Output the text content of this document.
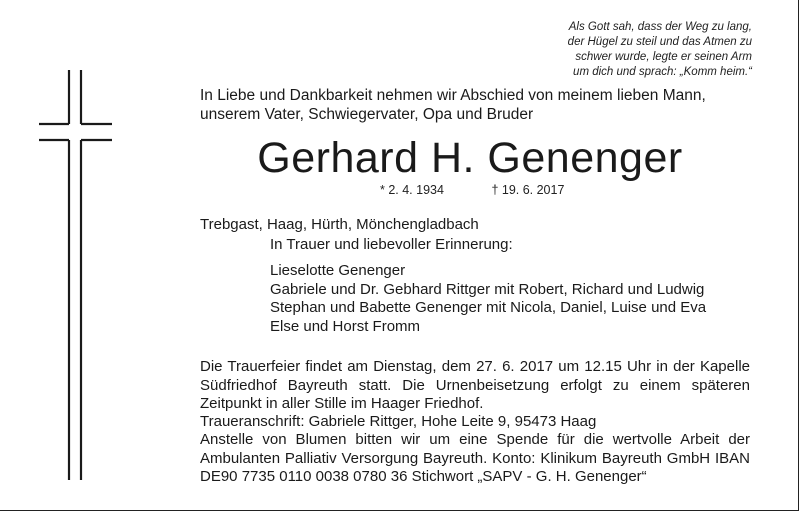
Als Gott sah, dass der Weg zu lang,
der Hügel zu steil und das Atmen zu
schwer wurde, legte er seinen Arm
um dich und sprach: „Komm heim.“
In Liebe und Dankbarkeit nehmen wir Abschied von meinem lieben Mann,
unserem Vater, Schwiegervater, Opa und Bruder
Gerhard H. Genenger
* 2. 4. 1934	† 19. 6. 2017
Trebgast, Haag, Hürth, Mönchengladbach
In Trauer und liebevoller Erinnerung:
Lieselotte Genenger
Gabriele und Dr. Gebhard Rittger mit Robert, Richard und Ludwig
Stephan und Babette Genenger mit Nicola, Daniel, Luise und Eva
Else und Horst Fromm
Die Trauerfeier findet am Dienstag, dem 27. 6. 2017 um 12.15 Uhr in der Kapelle Südfriedhof Bayreuth statt. Die Urnenbeisetzung erfolgt zu einem späteren Zeitpunkt in aller Stille im Haager Friedhof.
Traueranschrift: Gabriele Rittger, Hohe Leite 9, 95473 Haag
Anstelle von Blumen bitten wir um eine Spende für die wertvolle Arbeit der Ambulanten Palliativ Versorgung Bayreuth. Konto: Klinikum Bayreuth GmbH IBAN DE90 7735 0110 0038 0780 36 Stichwort „SAPV - G. H. Genenger“
